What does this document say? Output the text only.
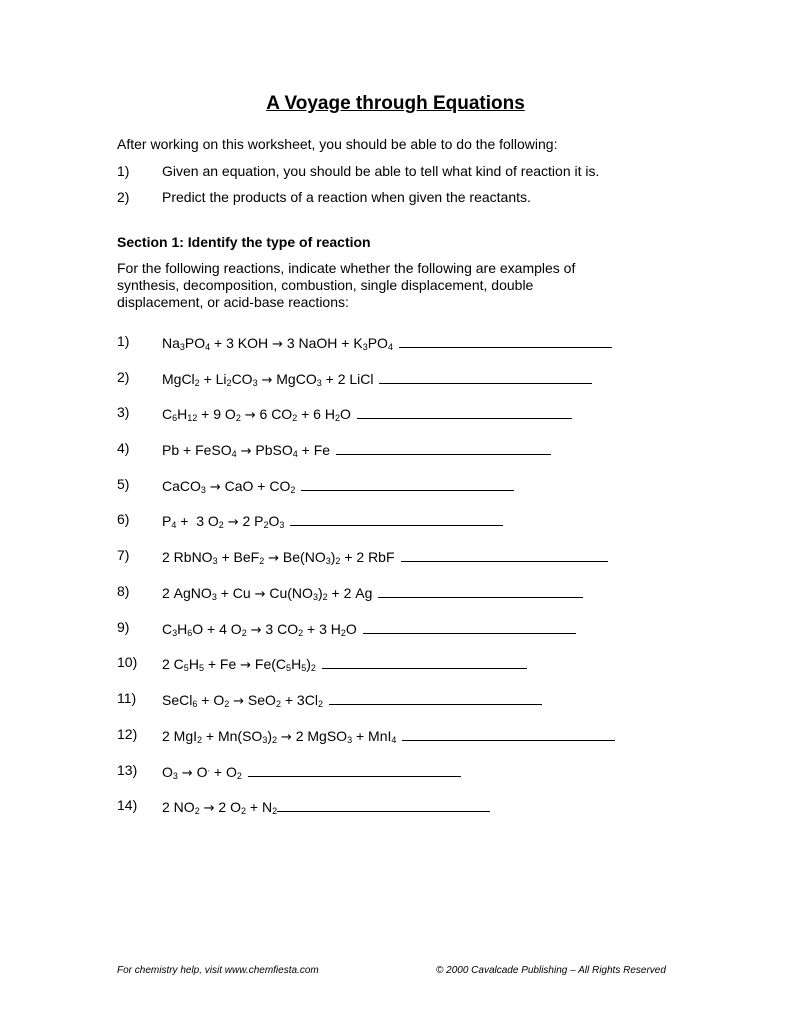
A Voyage through Equations
After working on this worksheet, you should be able to do the following:
1) Given an equation, you should be able to tell what kind of reaction it is.
2) Predict the products of a reaction when given the reactants.
Section 1: Identify the type of reaction
For the following reactions, indicate whether the following are examples of
synthesis, decomposition, combustion, single displacement, double
displacement, or acid-base reactions:
1) $Na_3PO_4 + 3$ KOH → 3 NaOH + $K_3PO_4$
2) MgCl$_2$ + $Li_2CO_3$ → MgCO$_3$ + 2 LiCl
3) $C_6H_{12} + 9$ $O_2 \to 6$ $CO_2 + 6$ $H_2O$
4) Pb + FeSO$_4$ → PbSO$_4$ + Fe
5) CaCO$_3$ → CaO + $CO_2$
6) $P_4 + 3$ $O_2 \to 2$ $P_2O_3$
7) 2 RbNO$_3$ + $BeF_2 \to Be(NO_3)_2 + 2$ RbF
8) 2 AgNO$_3$ + $Cu \to Cu(NO_3)_2 + 2$ Ag
9) $C_3H_6O + 4$ $O_2 \to 3$ $CO_2 + 3$ $H_2O$
10) 2 $C_5H_5 + Fe \to Fe(C_5H_5)_2$
11) SeCl$_6$ + $O_2 \to SeO_2 + 3Cl_2$
12) 2 $MgI_2 + Mn(SO_3)_2 \to 2$ MgSO$_3$ + MnI$_4$
13) $O_3 \to O^. + O_2$
14) 2 $NO_2 \to 2$ $O_2 + N_2$
For chemistry help, visit www.chemfiesta.com	© 2000 Cavalcade Publishing – All Rights Reserved
